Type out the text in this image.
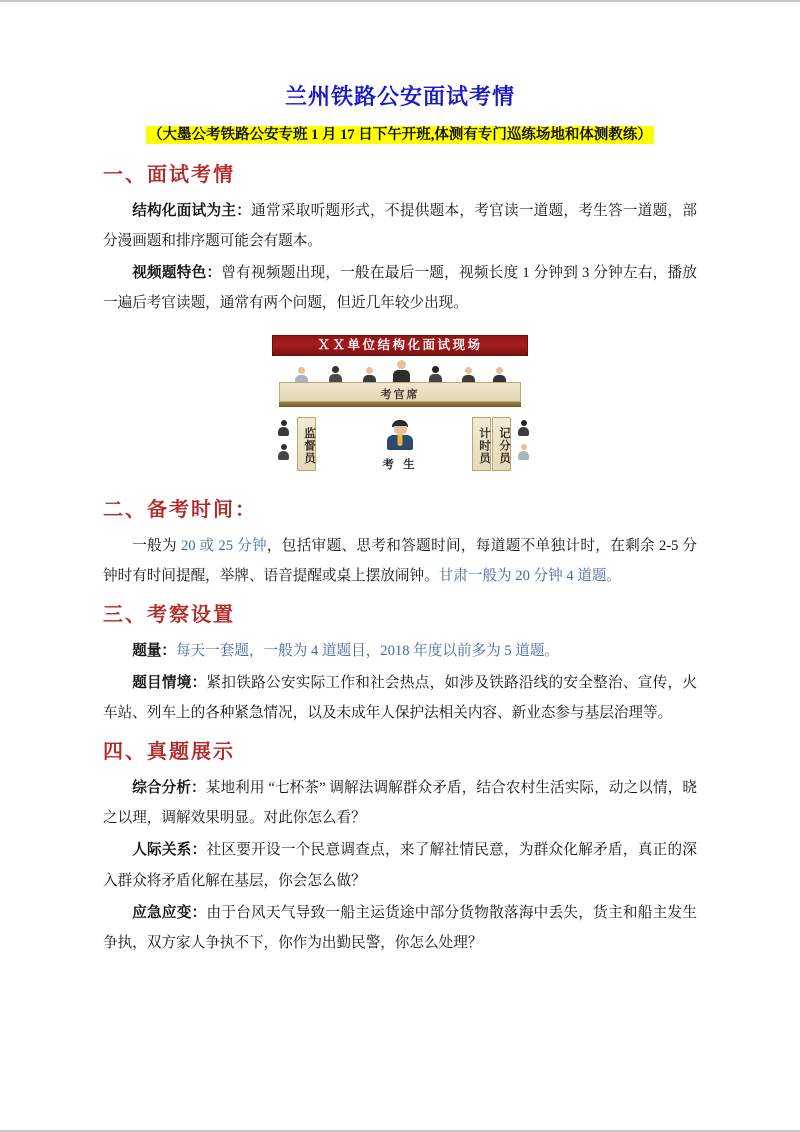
兰州铁路公安面试考情
（大墨公考铁路公安专班 1 月 17 日下午开班,体测有专门巡练场地和体测教练）
一、面试考情

结构化面试为主：通常采取听题形式，不提供题本，考官读一道题，考生答一道题，部分漫画题和排序题可能会有题本。

视频题特色：曾有视频题出现，一般在最后一题，视频长度 1 分钟到 3 分钟左右，播放一遍后考官读题，通常有两个问题，但近几年较少出现。

ＸＸ单位结构化面试现场
考官席
监督员
考 生
计时员 记分员
二、备考时间：

一般为 20 或 25 分钟，包括审题、思考和答题时间，每道题不单独计时，在剩余 2-5 分钟时有时间提醒，举牌、语音提醒或桌上摆放闹钟。甘肃一般为 20 分钟 4 道题。

三、考察设置

题量：每天一套题，一般为 4 道题目，2018 年度以前多为 5 道题。

题目情境：紧扣铁路公安实际工作和社会热点，如涉及铁路沿线的安全整治、宣传，火车站、列车上的各种紧急情况，以及未成年人保护法相关内容、新业态参与基层治理等。

四、真题展示

综合分析：某地利用 “七杯茶” 调解法调解群众矛盾，结合农村生活实际，动之以情，晓之以理，调解效果明显。对此你怎么看？

人际关系：社区要开设一个民意调查点，来了解社情民意，为群众化解矛盾，真正的深入群众将矛盾化解在基层，你会怎么做？

应急应变：由于台风天气导致一船主运货途中部分货物散落海中丢失，货主和船主发生争执，双方家人争执不下，你作为出勤民警，你怎么处理？
